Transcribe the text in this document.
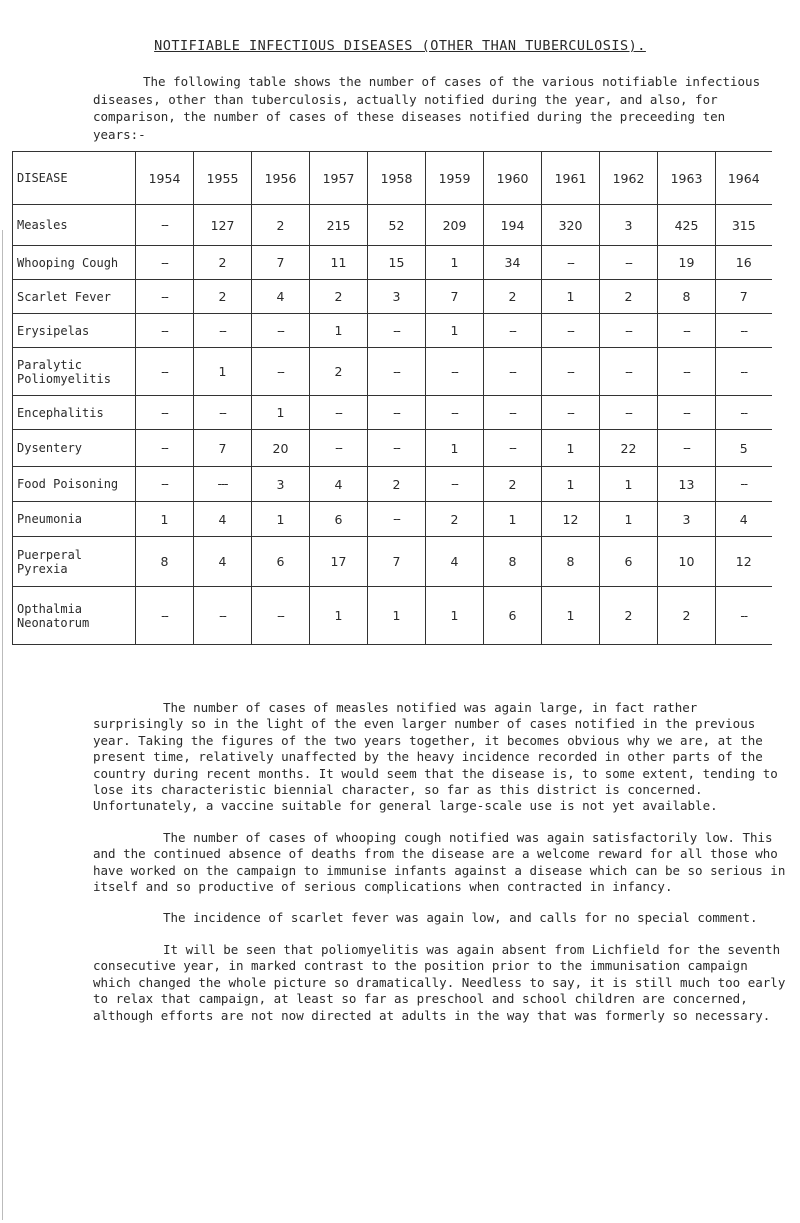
NOTIFIABLE INFECTIOUS DISEASES (OTHER THAN TUBERCULOSIS).

The following table shows the number of cases of the various notifiable infectious diseases, other than tuberculosis, actually notified during the year, and also, for comparison, the number of cases of these diseases notified during the preceeding ten years:-

DISEASE	1954	1955	1956	1957	1958	1959	1960	1961	1962	1963	1964
Measles	--	127	2	215	52	209	194	320	3	425	315
Whooping Cough	--	2	7	11	15	1	34	--	--	19	16
Scarlet Fever	--	2	4	2	3	7	2	1	2	8	7
Erysipelas	--	--	--	1	--	1	--	--	--	--	--
Paralytic
Poliomyelitis	--	1	--	2	--	--	--	--	--	--	--
Encephalitis	--	--	1	--	--	--	--	--	--	--	--
Dysentery	--	7	20	--	--	1	--	1	22	--	5
Food Poisoning	--	---	3	4	2	--	2	1	1	13	--
Pneumonia	1	4	1	6	--	2	1	12	1	3	4
Puerperal
Pyrexia	8	4	6	17	7	4	8	8	6	10	12
Opthalmia
Neonatorum	--	--	--	1	1	1	6	1	2	2	--

The number of cases of measles notified was again large, in fact rather surprisingly so in the light of the even larger number of cases notified in the previous year. Taking the figures of the two years together, it becomes obvious why we are, at the present time, relatively unaffected by the heavy incidence recorded in other parts of the country during recent months. It would seem that the disease is, to some extent, tending to lose its characteristic biennial character, so far as this district is concerned. Unfortunately, a vaccine suitable for general large-scale use is not yet available.

The number of cases of whooping cough notified was again satisfactorily low. This and the continued absence of deaths from the disease are a welcome reward for all those who have worked on the campaign to immunise infants against a disease which can be so serious in itself and so productive of serious complications when contracted in infancy.

The incidence of scarlet fever was again low, and calls for no special comment.

It will be seen that poliomyelitis was again absent from Lichfield for the seventh consecutive year, in marked contrast to the position prior to the immunisation campaign which changed the whole picture so dramatically. Needless to say, it is still much too early to relax that campaign, at least so far as preschool and school children are concerned, although efforts are not now directed at adults in the way that was formerly so necessary.
